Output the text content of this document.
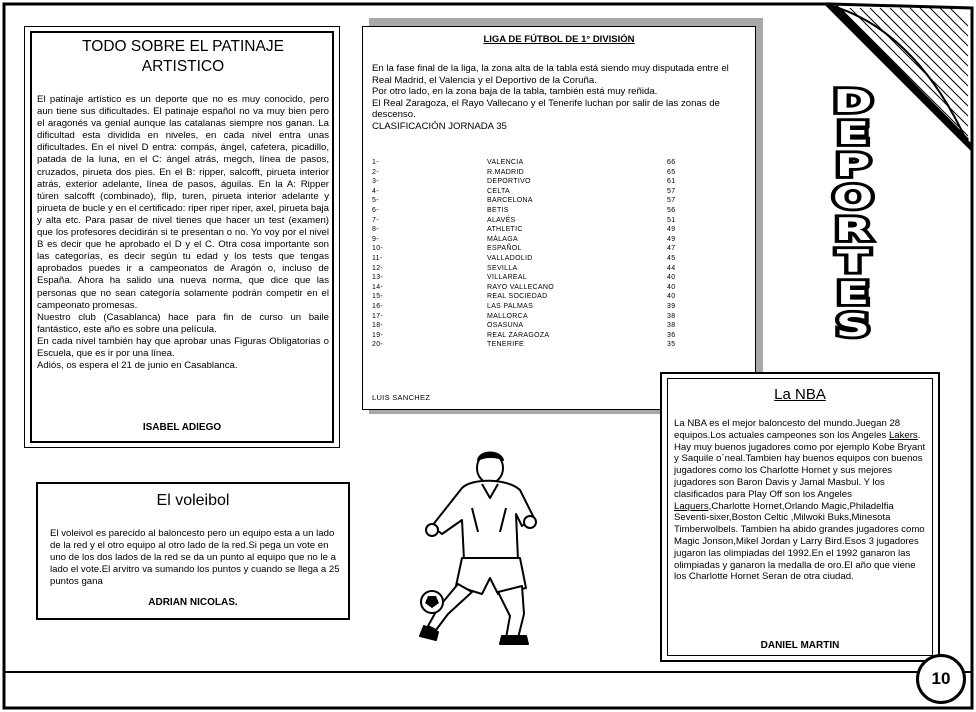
TODO SOBRE EL PATINAJE ARTISTICO
El patinaje artístico es un deporte que no es muy conocido, pero aun tiene sus dificultades. El patinaje español no va muy bien pero el aragonés va genial aunque las catalanas siempre nos ganan. La dificultad esta dividida en niveles, en cada nivel entra unas dificultades. En el nivel D entra: compás, ángel, cafetera, picadillo, patada de la luna, en el C: ángel atrás, megch, línea de pasos, cruzados, pirueta dos pies. En el B: ripper, salcofft, pirueta interior atrás, exterior adelante, línea de pasos, águilas. En la A: Ripper túren salcofft (combinado), flip, turen, pirueta interior adelante y pirueta de bucle y en el certificado: riper riper riper, axel, pirueta baja y alta etc. Para pasar de nivel tienes que hacer un test (examen) que los profesores decidirán si te presentan o no. Yo voy por el nivel B es decir que he aprobado el D y el C. Otra cosa importante son las categorías, es decir según tu edad y los tests que tengas aprobados puedes ir a campeonatos de Aragón o, incluso de España. Ahora ha salido una nueva norma, que dice que las personas que no sean categoría solamente podrán competir en el campeonato promesas.
Nuestro club (Casablanca) hace para fin de curso un baile fantástico, este año es sobre una película.
En cada nivel también hay que aprobar unas Figuras Obligatorias o Escuela, que es ir por una línea.
Adiós, os espera el 21 de junio en Casablanca.
ISABEL ADIEGO
LIGA DE FÚTBOL DE 1° DIVISIÓN
En la fase final de la liga, la zona alta de la tabla está siendo muy disputada entre el Real Madrid, el Valencia y el Deportivo de la Coruña.
Por otro lado, en la zona baja de la tabla, también está muy reñida.
El Real Zaragoza, el Rayo Vallecano y el Tenerife luchan por salir de las zonas de descenso.
CLASIFICACIÓN JORNADA 35
1-	VALENCIA	66
2-	R.MADRID	65
3-	DEPORTIVO	61
4-	CELTA	57
5-	BARCELONA	57
6-	BETIS	56
7-	ALAVÉS	51
8-	ATHLETIC	49
9-	MÁLAGA	49
10-	ESPAÑOL	47
11-	VALLADOLID	45
12-	SEVILLA	44
13-	VILLAREAL	40
14-	RAYO VALLECANO	40
15-	REAL SOCIEDAD	40
16-	LAS PALMAS	39
17-	MALLORCA	38
18-	OSASUNA	38
19-	REAL ZARAGOZA	36
20-	TENERIFE	35
LUIS SANCHEZ
D
E
P
O
R
T
E
S
El voleibol
El voleivol es parecido al baloncesto pero un equipo esta a un lado de la red y el otro equipo al otro lado de la red.Si pega un vote en uno de los dos lados de la red se da un punto al equipo que no le a lado el vote.El arvitro va sumando los puntos y cuando se llega a 25 puntos gana
ADRIAN NICOLAS.
La NBA
La NBA es el mejor baloncesto del mundo.Juegan 28 equipos.Los actuales campeones son los Angeles Lakers. Hay muy buenos jugadores como por ejemplo Kobe Bryant y Saquile o´neal.Tambien hay buenos equipos con buenos jugadores como los Charlotte Hornet y sus mejores jugadores son Baron Davis y Jamal Masbul. Y los clasificados para Play Off son los Angeles Laquers,Charlotte Hornet,Orlando Magic,Philadelfia Seventi-sixer,Boston Celtic ,Milwoki Buks,Minesota Timberwolbels. Tambien ha abido grandes jugadores como Magic Jonson,Mikel Jordan y Larry Bird.Esos 3 jugadores jugaron las olimpiadas del 1992.En el 1992 ganaron las olimpiadas y ganaron la medalla de oro.El año que viene los Charlotte Hornet Seran de otra ciudad.
DANIEL MARTIN
10
